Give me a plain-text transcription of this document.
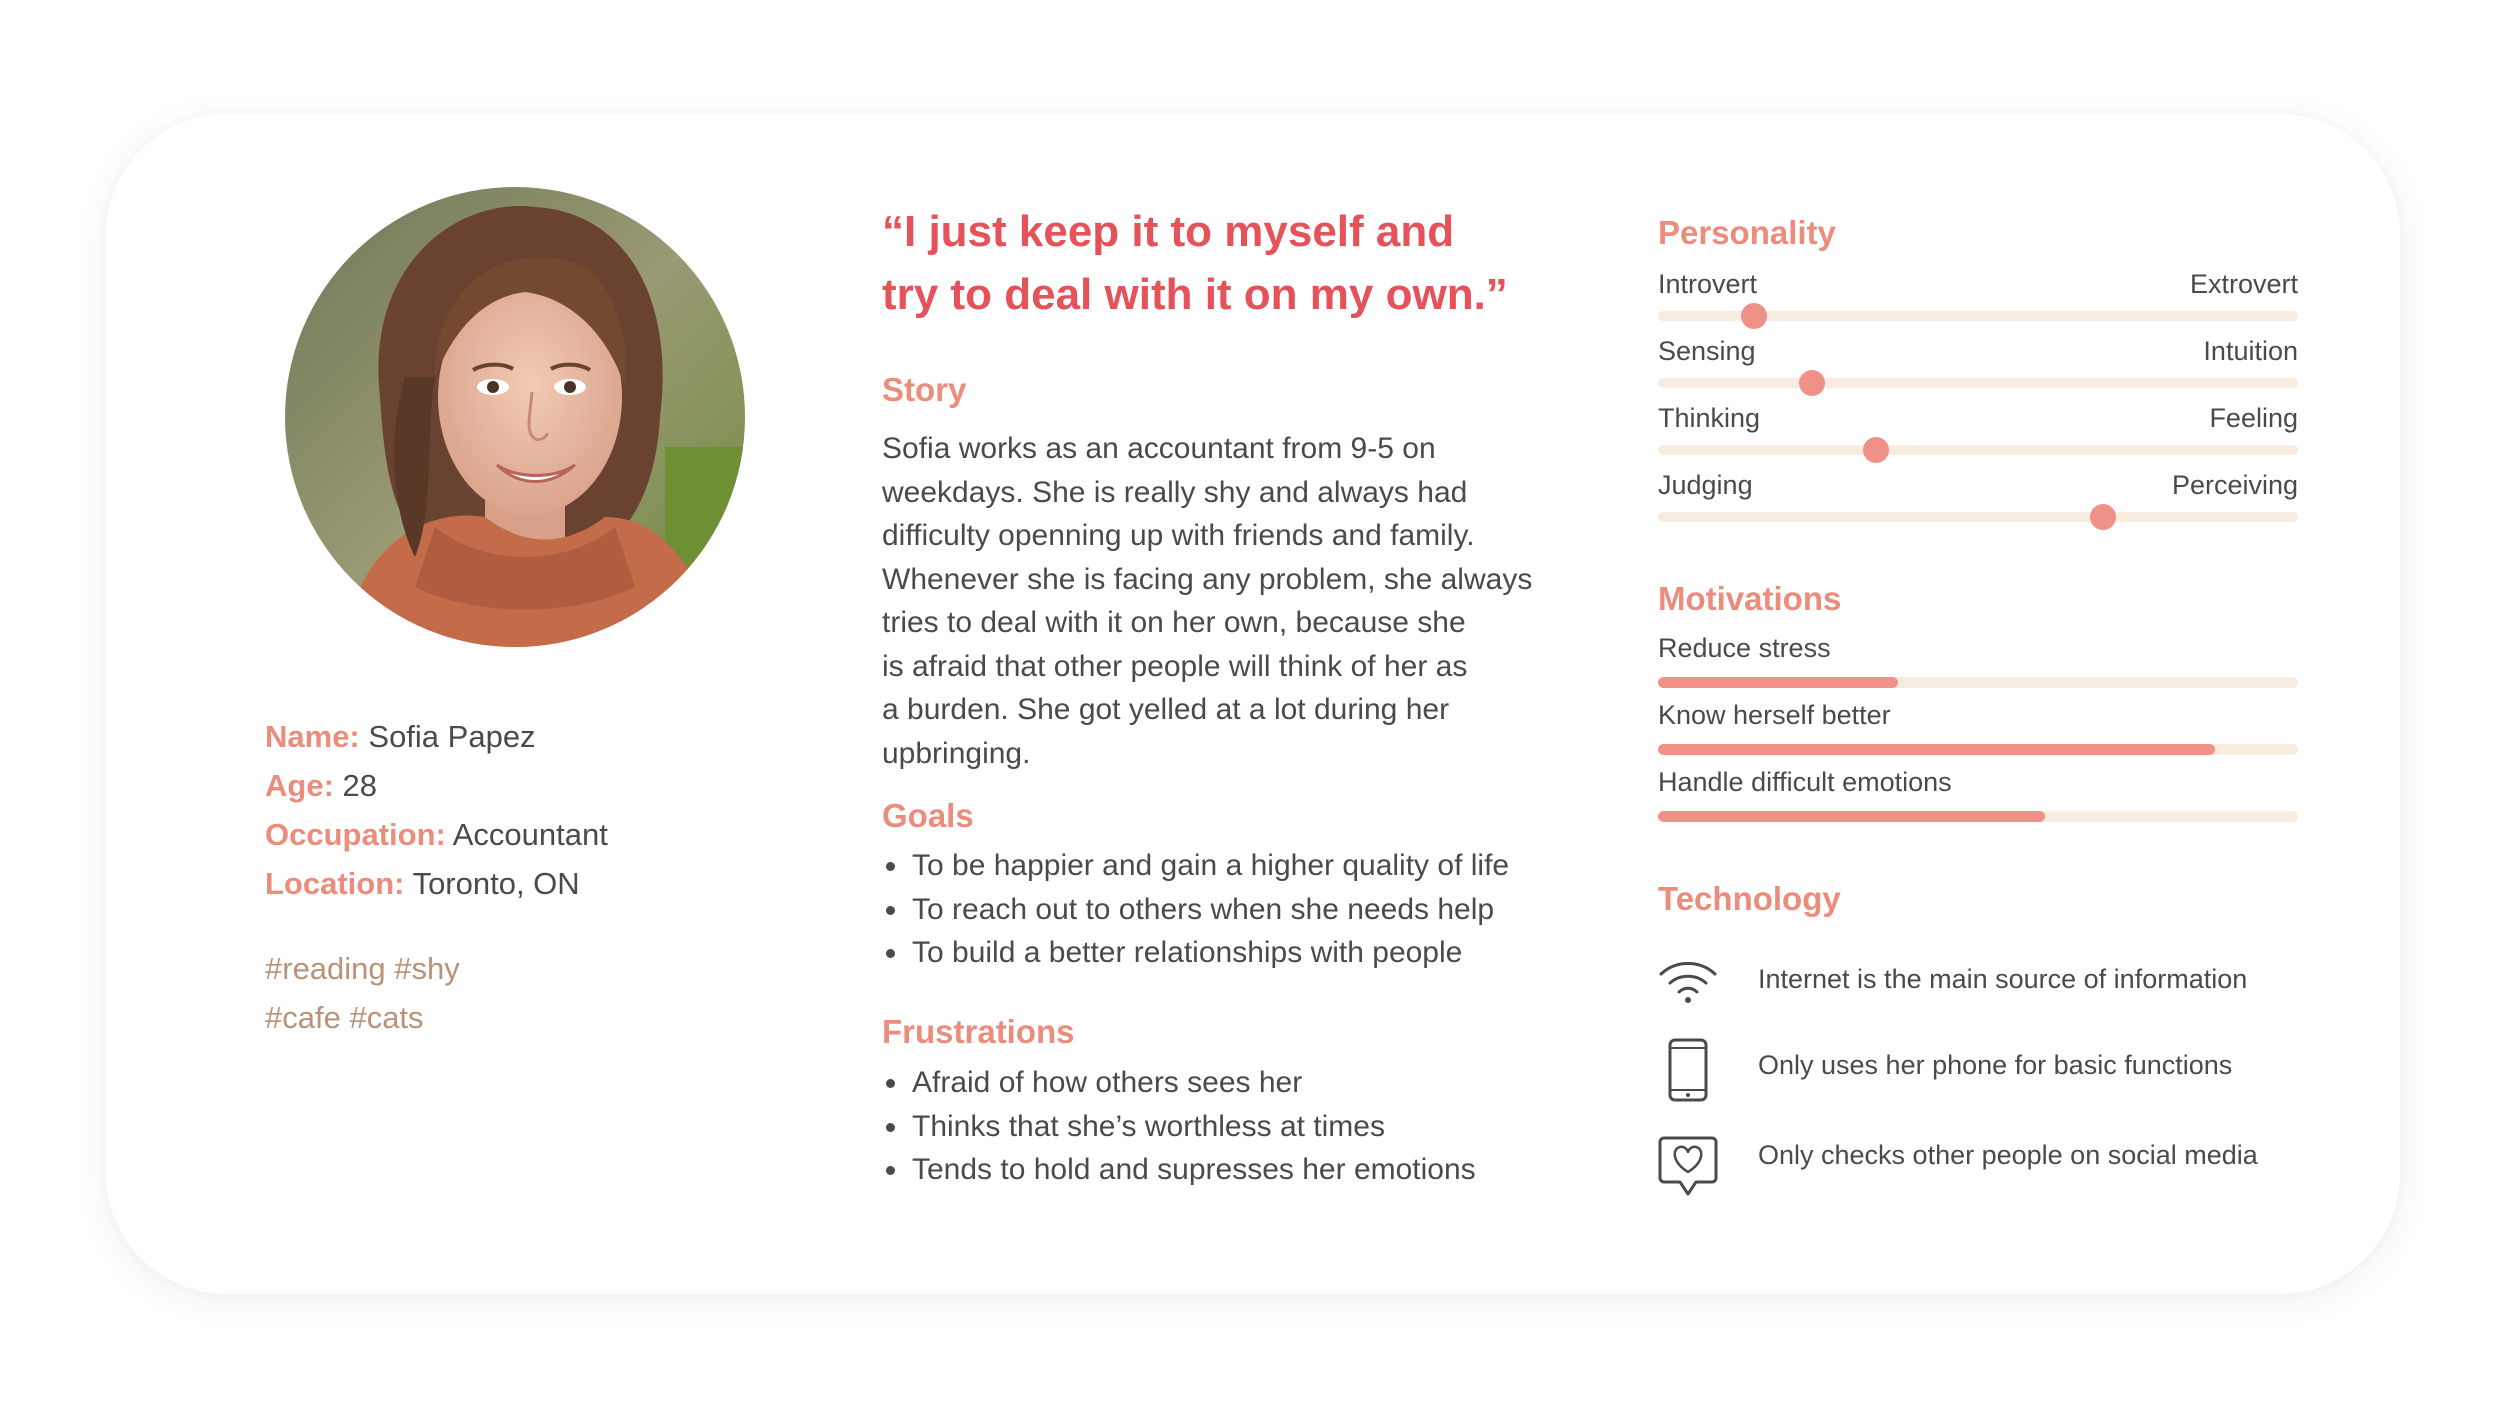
Name: Sofia Papez
Age: 28
Occupation: Accountant
Location: Toronto, ON
#reading #shy
#cafe #cats
“I just keep it to myself and
try to deal with it on my own.”
Story
Sofia works as an accountant from 9-5 on
weekdays. She is really shy and always had
difficulty openning up with friends and family.
Whenever she is facing any problem, she always
tries to deal with it on her own, because she
is afraid that other people will think of her as
a burden. She got yelled at a lot during her
upbringing.
Goals
To be happier and gain a higher quality of life
To reach out to others when she needs help
To build a better relationships with people
Frustrations
Afraid of how others sees her
Thinks that she’s worthless at times
Tends to hold and supresses her emotions
Personality
Introvert	Extrovert
Sensing	Intuition
Thinking	Feeling
Judging	Perceiving
Motivations
Reduce stress
Know herself better
Handle difficult emotions
Technology
Internet is the main source of information
Only uses her phone for basic functions
Only checks other people on social media
